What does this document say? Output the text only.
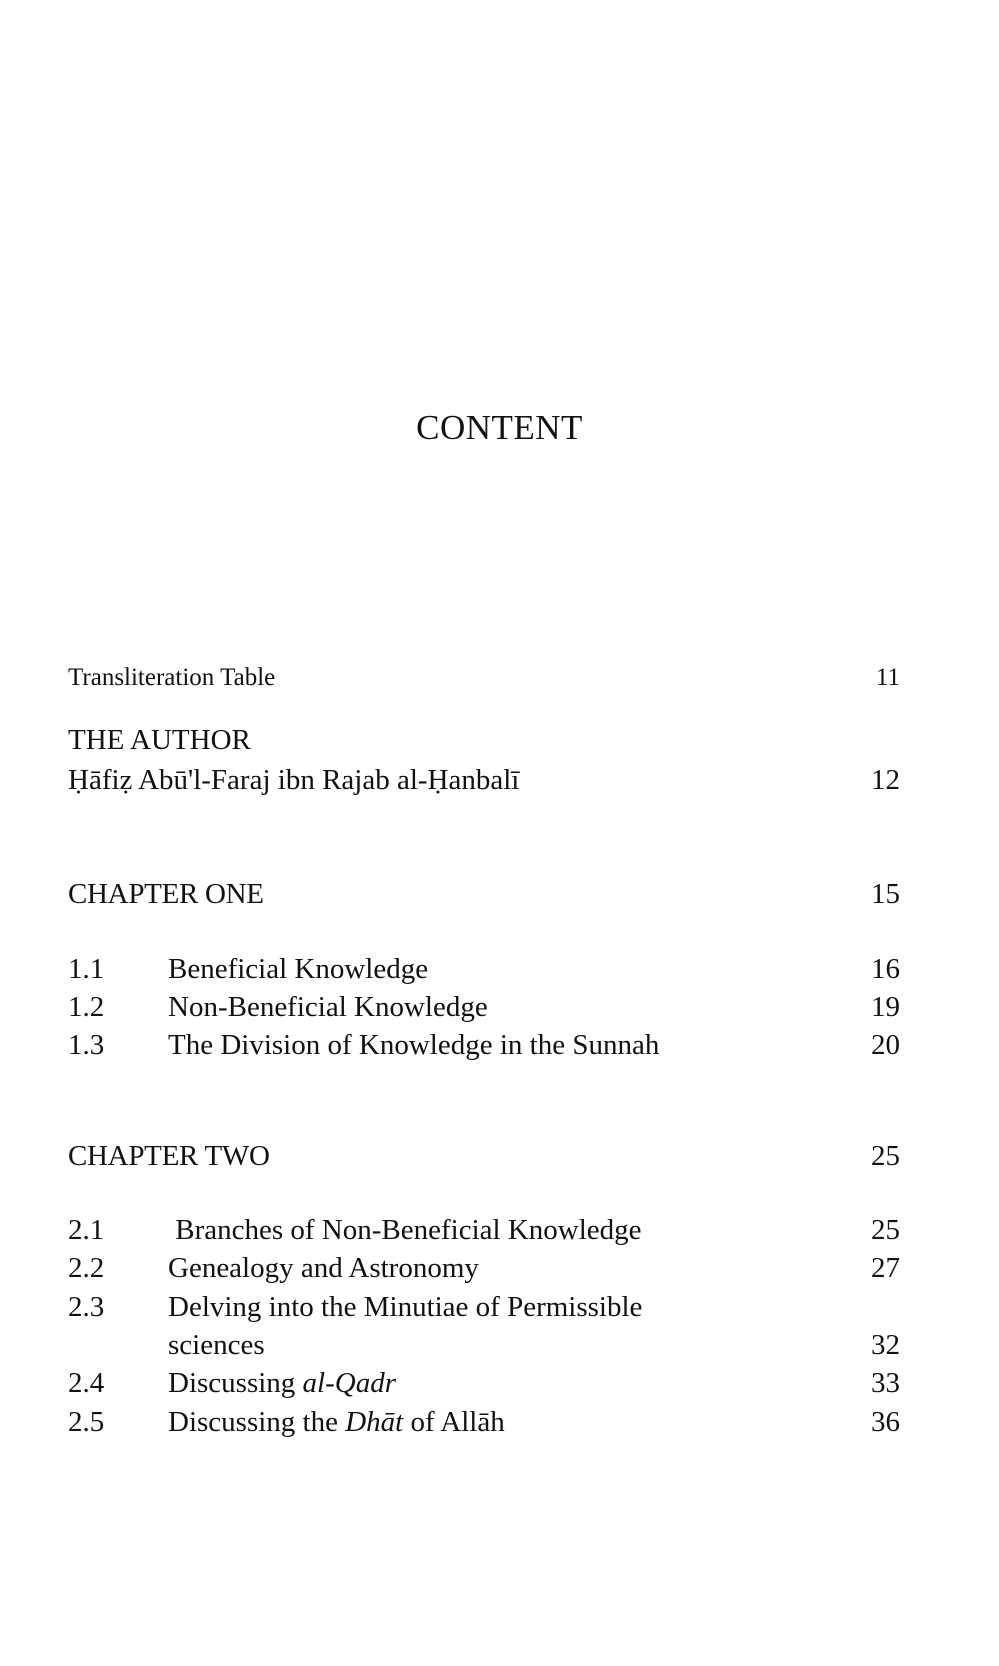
CONTENT
Transliteration Table	11
THE AUTHOR
Ḥāfiẓ Abū'l-Faraj ibn Rajab al-Ḥanbalī	12
CHAPTER ONE	15
1.1 Beneficial Knowledge	16
1.2 Non-Beneficial Knowledge	19
1.3 The Division of Knowledge in the Sunnah	20
CHAPTER TWO	25
2.1 Branches of Non-Beneficial Knowledge	25
2.2 Genealogy and Astronomy	27
2.3 Delving into the Minutiae of Permissible
sciences	32
2.4 Discussing al-Qadr	33
2.5 Discussing the Dhāt of Allāh	36
